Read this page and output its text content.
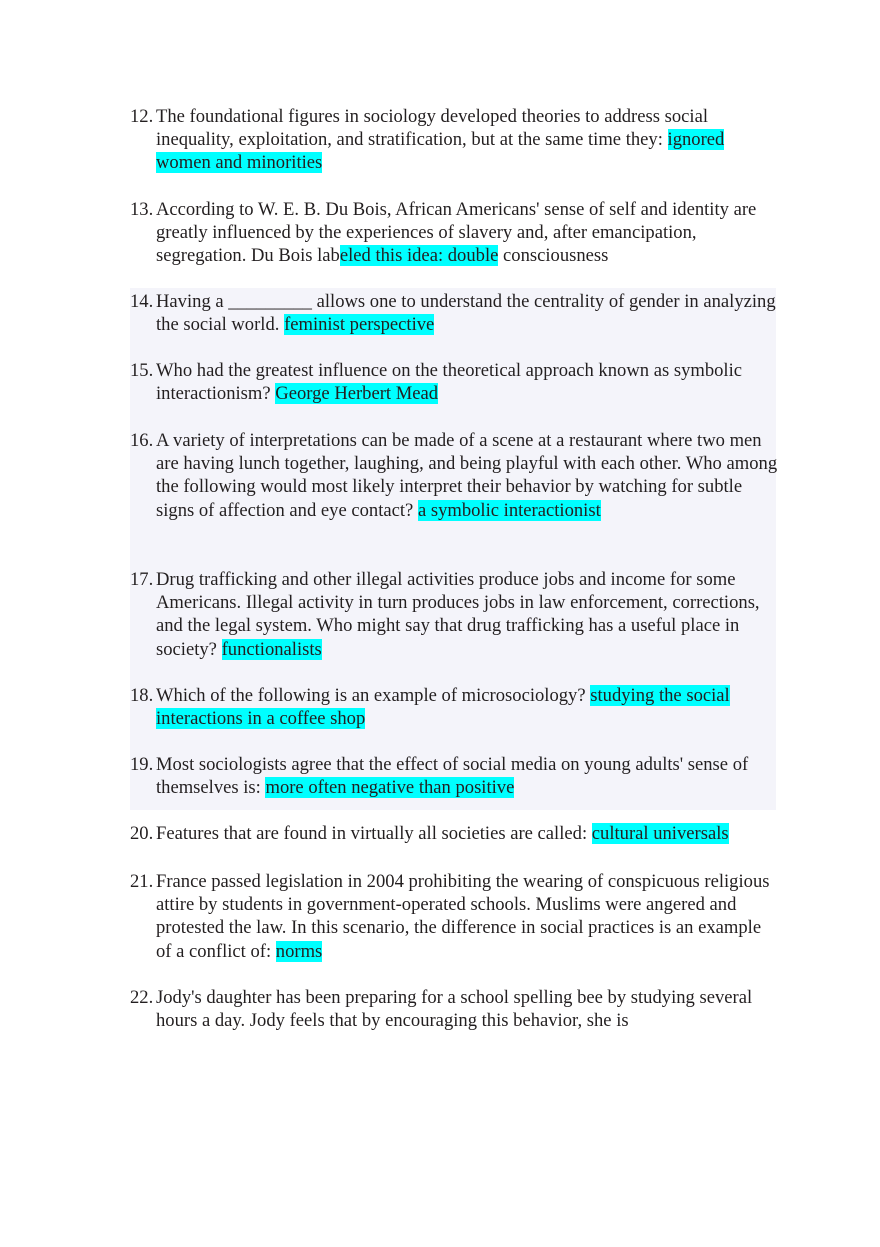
12. The foundational figures in sociology developed theories to address social inequality, exploitation, and stratification, but at the same time they: ignored women and minorities
13. According to W. E. B. Du Bois, African Americans' sense of self and identity are greatly influenced by the experiences of slavery and, after emancipation, segregation. Du Bois labeled this idea: double consciousness
14. Having a _________ allows one to understand the centrality of gender in analyzing the social world. feminist perspective
15. Who had the greatest influence on the theoretical approach known as symbolic interactionism? George Herbert Mead
16. A variety of interpretations can be made of a scene at a restaurant where two men are having lunch together, laughing, and being playful with each other. Who among the following would most likely interpret their behavior by watching for subtle signs of affection and eye contact? a symbolic interactionist
17. Drug trafficking and other illegal activities produce jobs and income for some Americans. Illegal activity in turn produces jobs in law enforcement, corrections, and the legal system. Who might say that drug trafficking has a useful place in society? functionalists
18. Which of the following is an example of microsociology? studying the social interactions in a coffee shop
19. Most sociologists agree that the effect of social media on young adults' sense of themselves is: more often negative than positive
20. Features that are found in virtually all societies are called: cultural universals
21. France passed legislation in 2004 prohibiting the wearing of conspicuous religious attire by students in government-operated schools. Muslims were angered and protested the law. In this scenario, the difference in social practices is an example of a conflict of: norms
22. Jody's daughter has been preparing for a school spelling bee by studying several hours a day. Jody feels that by encouraging this behavior, she is
